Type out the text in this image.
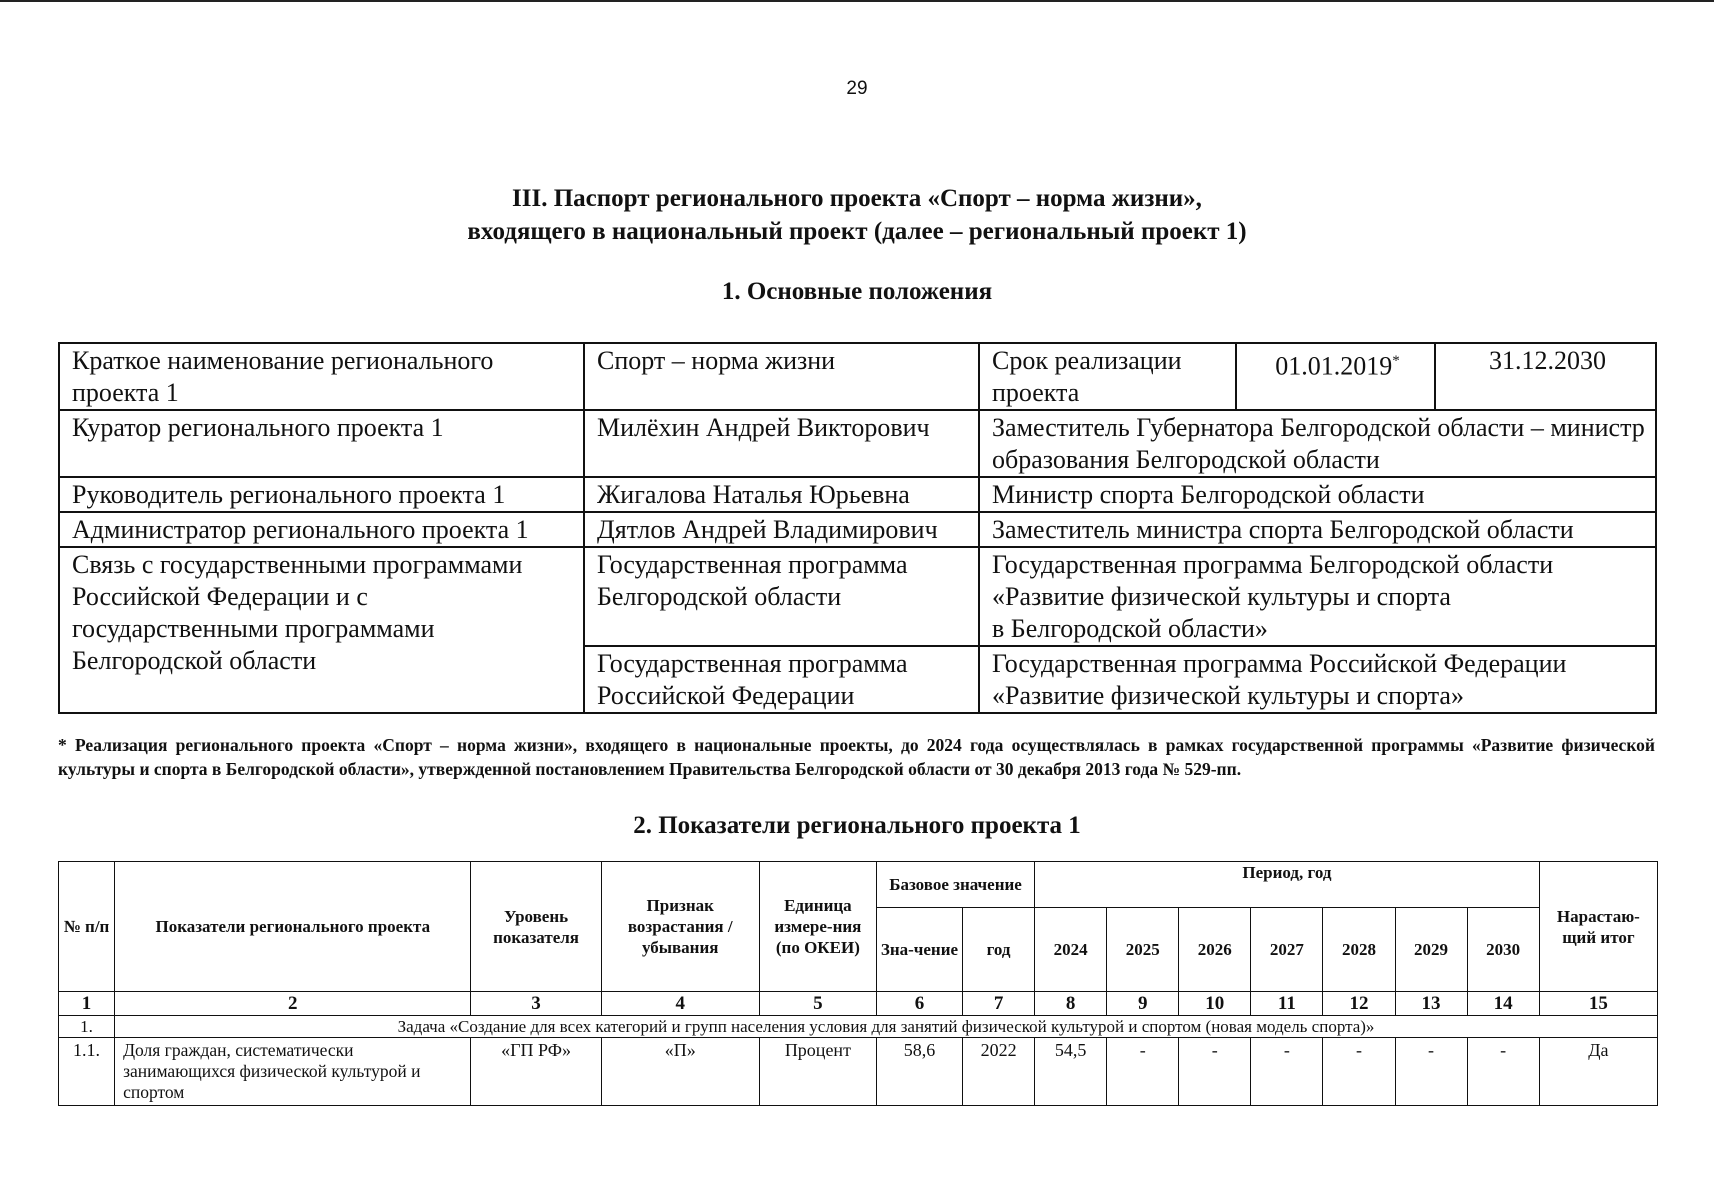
29
III. Паспорт регионального проекта «Спорт – норма жизни»,
входящего в национальный проект (далее – региональный проект 1)
1. Основные положения
Краткое наименование регионального проекта 1	Спорт – норма жизни	Срок реализации проекта	01.01.2019*	31.12.2030
Куратор регионального проекта 1	Милёхин Андрей Викторович	Заместитель Губернатора Белгородской области – министр образования Белгородской области		
Руководитель регионального проекта 1	Жигалова Наталья Юрьевна	Министр спорта Белгородской области		
Администратор регионального проекта 1	Дятлов Андрей Владимирович	Заместитель министра спорта Белгородской области		
Связь с государственными программами Российской Федерации и с государственными программами Белгородской области	Государственная программа Белгородской области	Государственная программа Белгородской области
«Развитие физической культуры и спорта
в Белгородской области»		

	Государственная программа Российской Федерации	Государственная программа Российской Федерации
«Развитие физической культуры и спорта»		
* Реализация регионального проекта «Спорт – норма жизни», входящего в национальные проекты, до 2024 года осуществлялась в рамках государственной программы «Развитие физической культуры и спорта в Белгородской области», утвержденной постановлением Правительства Белгородской области от 30 декабря 2013 года № 529-пп.
2. Показатели регионального проекта 1
№ п/п	Показатели регионального проекта	Уровень показателя	Признак возрастания / убывания	Единица измере-ния (по ОКЕИ)	Базовое значение		Период, год							Нарастаю-щий итог
					Зна-чение	год	2024	2025	2026	2027	2028	2029	2030	
1	2	3	4	5	6	7	8	9	10	11	12	13	14	15
1.	Задача «Создание для всех категорий и групп населения условия для занятий физической культурой и спортом (новая модель спорта)»													
1.1.	Доля граждан, систематически занимающихся физической культурой и спортом	«ГП РФ»	«П»	Процент	58,6	2022	54,5	-	-	-	-	-	-	Да
